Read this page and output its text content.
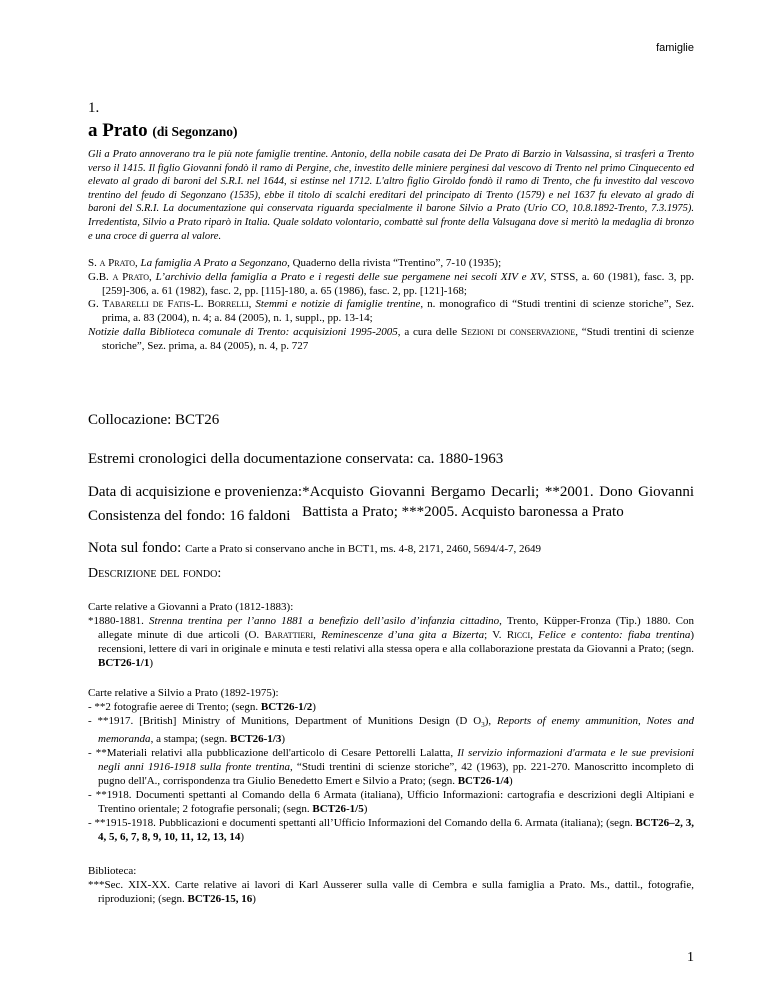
famiglie
1.
a Prato (di Segonzano)
Gli a Prato annoverano tra le più note famiglie trentine. Antonio, della nobile casata dei De Prato di Barzio in Valsassina, si trasferì a Trento verso il 1415. Il figlio Giovanni fondò il ramo di Pergine, che, investito delle miniere perginesi dal vescovo di Trento nel primo Cinquecento ed elevato al grado di baroni del S.R.I. nel 1644, si estinse nel 1712. L'altro figlio Giroldo fondò il ramo di Trento, che fu investito dal vescovo trentino del feudo di Segonzano (1535), ebbe il titolo di scalchi ereditari del principato di Trento (1579) e nel 1637 fu elevato al grado di baroni del S.R.I. La documentazione qui conservata riguarda specialmente il barone Silvio a Prato (Urio CO, 10.8.1892-Trento, 7.3.1975). Irredentista, Silvio a Prato riparò in Italia. Quale soldato volontario, combattè sul fronte della Valsugana dove si meritò la medaglia di bronzo e una croce di guerra al valore.

S. a Prato, La famiglia A Prato a Segonzano, Quaderno della rivista “Trentino”, 7-10 (1935);

G.B. a Prato, L’archivio della famiglia a Prato e i regesti delle sue pergamene nei secoli XIV e XV, STSS, a. 60 (1981), fasc. 3, pp. [259]-306, a. 61 (1982), fasc. 2, pp. [115]-180, a. 65 (1986), fasc. 2, pp. [121]-168;

G. Tabarelli de Fatis-L. Borrelli, Stemmi e notizie di famiglie trentine, n. monografico di “Studi trentini di scienze storiche”, Sez. prima, a. 83 (2004), n. 4; a. 84 (2005), n. 1, suppl., pp. 13-14;

Notizie dalla Biblioteca comunale di Trento: acquisizioni 1995-2005, a cura delle Sezioni di conservazione, “Studi trentini di scienze storiche”, Sez. prima, a. 84 (2005), n. 4, p. 727

Collocazione: BCT26
Estremi cronologici della documentazione conservata: ca. 1880-1963
Data di acquisizione e provenienza: *Acquisto Giovanni Bergamo Decarli; **2001. Dono Giovanni Battista a Prato; ***2005. Acquisto baronessa a Prato
Consistenza del fondo: 16 faldoni
Nota sul fondo: Carte a Prato si conservano anche in BCT1, ms. 4-8, 2171, 2460, 5694/4-7, 2649
Descrizione del fondo:

Carte relative a Giovanni a Prato (1812-1883):

*1880-1881. Strenna trentina per l’anno 1881 a benefizio dell’asilo d’infanzia cittadino, Trento, Küpper-Fronza (Tip.) 1880. Con allegate minute di due articoli (O. Barattieri, Reminescenze d’una gita a Bizerta; V. Ricci, Felice e contento: fiaba trentina) recensioni, lettere di vari in originale e minuta e testi relativi alla stessa opera e alla collaborazione prestata da Giovanni a Prato; (segn. BCT26-1/1)

Carte relative a Silvio a Prato (1892-1975):

- **2 fotografie aeree di Trento; (segn. BCT26-1/2)

- **1917. [British] Ministry of Munitions, Department of Munitions Design (D $O_3$), Reports of enemy ammunition, Notes and memoranda, a stampa; (segn. BCT26-1/3)

- **Materiali relativi alla pubblicazione dell'articolo di Cesare Pettorelli Lalatta, Il servizio informazioni d'armata e le sue previsioni negli anni 1916-1918 sulla fronte trentina, “Studi trentini di scienze storiche”, 42 (1963), pp. 221-270. Manoscritto incompleto di pugno dell'A., corrispondenza tra Giulio Benedetto Emert e Silvio a Prato; (segn. BCT26-1/4)

- **1918. Documenti spettanti al Comando della 6 Armata (italiana), Ufficio Informazioni: cartografia e descrizioni degli Altipiani e Trentino orientale; 2 fotografie personali; (segn. BCT26-1/5)

- **1915-1918. Pubblicazioni e documenti spettanti all’Ufficio Informazioni del Comando della 6. Armata (italiana); (segn. BCT26–2, 3, 4, 5, 6, 7, 8, 9, 10, 11, 12, 13, 14)

Biblioteca:

***Sec. XIX-XX. Carte relative ai lavori di Karl Ausserer sulla valle di Cembra e sulla famiglia a Prato. Ms., dattil., fotografie, riproduzioni; (segn. BCT26-15, 16)

1
